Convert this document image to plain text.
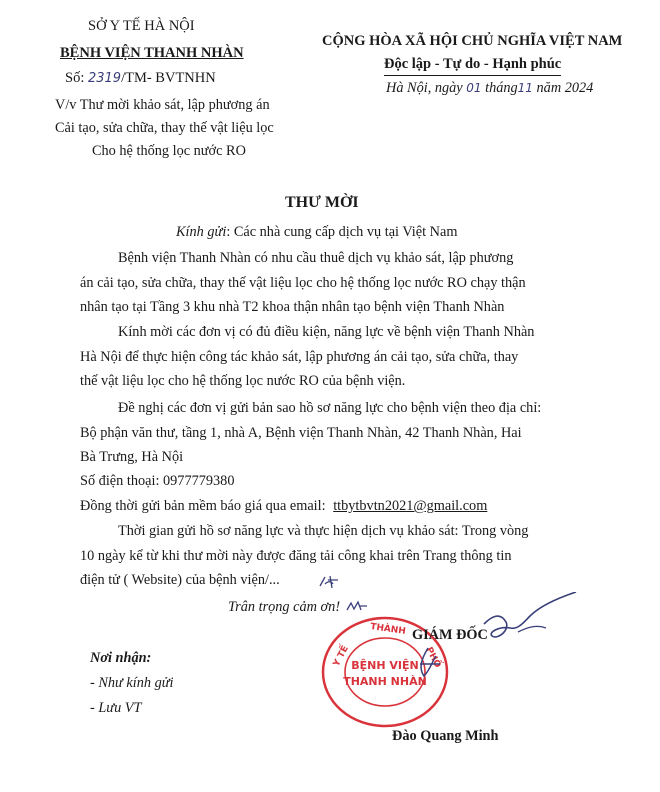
SỞ Y TẾ HÀ NỘI
BỆNH VIỆN THANH NHÀN
Số: 2319/TM- BVTNHN
V/v Thư mời khảo sát, lập phương án
Cải tạo, sửa chữa, thay thế vật liệu lọc
Cho hệ thống lọc nước RO
CỘNG HÒA XÃ HỘI CHỦ NGHĨA VIỆT NAM
Độc lập - Tự do - Hạnh phúc
Hà Nội, ngày 01 tháng11 năm 2024
THƯ MỜI
Kính gửi: Các nhà cung cấp dịch vụ tại Việt Nam
Bệnh viện Thanh Nhàn có nhu cầu thuê dịch vụ khảo sát, lập phương
án cải tạo, sửa chữa, thay thế vật liệu lọc cho hệ thống lọc nước RO chạy thận
nhân tạo tại Tầng 3 khu nhà T2 khoa thận nhân tạo bệnh viện Thanh Nhàn
Kính mời các đơn vị có đủ điều kiện, năng lực về bệnh viện Thanh Nhàn
Hà Nội để thực hiện công tác khảo sát, lập phương án cải tạo, sửa chữa, thay
thế vật liệu lọc cho hệ thống lọc nước RO của bệnh viện.
Đề nghị các đơn vị gửi bản sao hồ sơ năng lực cho bệnh viện theo địa chỉ:
Bộ phận văn thư, tầng 1, nhà A, Bệnh viện Thanh Nhàn, 42 Thanh Nhàn, Hai
Bà Trưng, Hà Nội
Số điện thoại: 0977779380
Đồng thời gửi bản mềm báo giá qua email: ttbytbvtn2021@gmail.com
Thời gian gửi hồ sơ năng lực và thực hiện dịch vụ khảo sát: Trong vòng
10 ngày kể từ khi thư mời này được đăng tải công khai trên Trang thông tin
điện tử ( Website) của bệnh viện/...
Trân trọng cảm ơn!
Nơi nhận:
- Như kính gửi
- Lưu VT
Y TẾ
THÀNH
PHỐ
BỆNH VIỆN
THANH NHÀN
GIÁM ĐỐC
Đào Quang Minh
